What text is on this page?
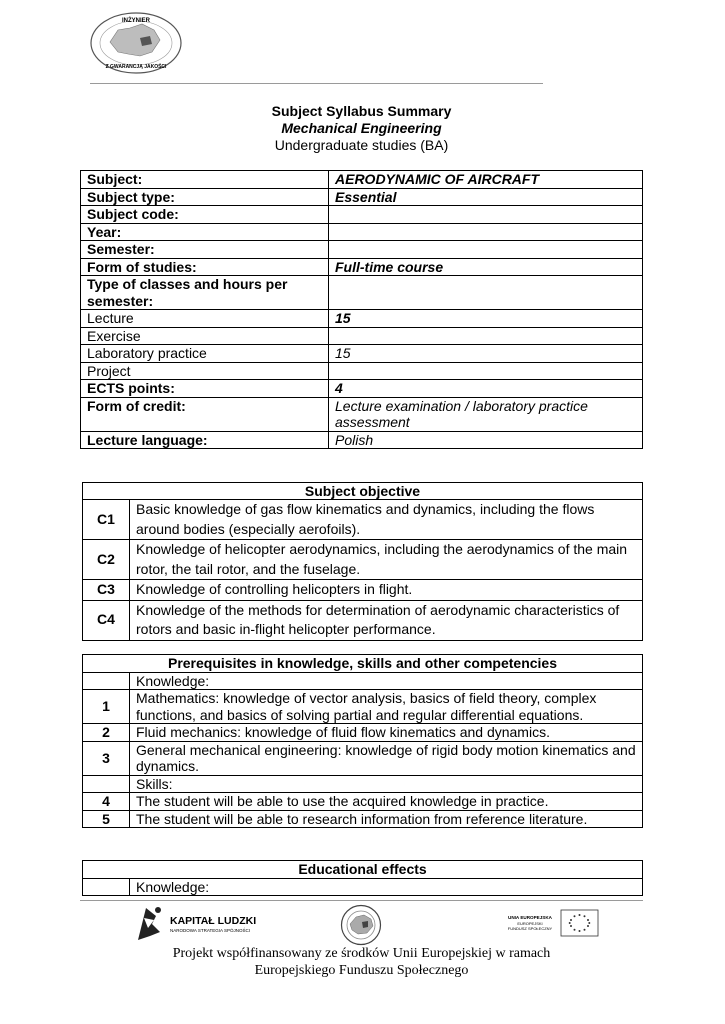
INŻYNIER
Z GWARANCJĄ JAKOŚCI
Subject Syllabus Summary
Mechanical Engineering
Undergraduate studies (BA)
Subject:	AERODYNAMIC OF AIRCRAFT
Subject type:	Essential
Subject code:	
Year:	
Semester:	
Form of studies:	Full-time course
Type of classes and hours per semester:	
Lecture	15
Exercise	
Laboratory practice	15
Project	
ECTS points:	4
Form of credit:	Lecture examination / laboratory practice assessment
Lecture language:	Polish
Subject objective	
C1	Basic knowledge of gas flow kinematics and dynamics, including the flows around bodies (especially aerofoils).
C2	Knowledge of helicopter aerodynamics, including the aerodynamics of the main rotor, the tail rotor, and the fuselage.
C3	Knowledge of controlling helicopters in flight.
C4	Knowledge of the methods for determination of aerodynamic characteristics of rotors and basic in-flight helicopter performance.
Prerequisites in knowledge, skills and other competencies	
	Knowledge:
1	Mathematics: knowledge of vector analysis, basics of field theory, complex functions, and basics of solving partial and regular differential equations.
2	Fluid mechanics: knowledge of fluid flow kinematics and dynamics.
3	General mechanical engineering: knowledge of rigid body motion kinematics and dynamics.
	Skills:
4	The student will be able to use the acquired knowledge in practice.
5	The student will be able to research information from reference literature.
Educational effects
	Knowledge:
KAPITAŁ LUDZKI
NARODOWA STRATEGIA SPÓJNOŚCI
UNIA EUROPEJSKA
EUROPEJSKI
FUNDUSZ SPOŁECZNY
Projekt współfinansowany ze środków Unii Europejskiej w ramach
Europejskiego Funduszu Społecznego
